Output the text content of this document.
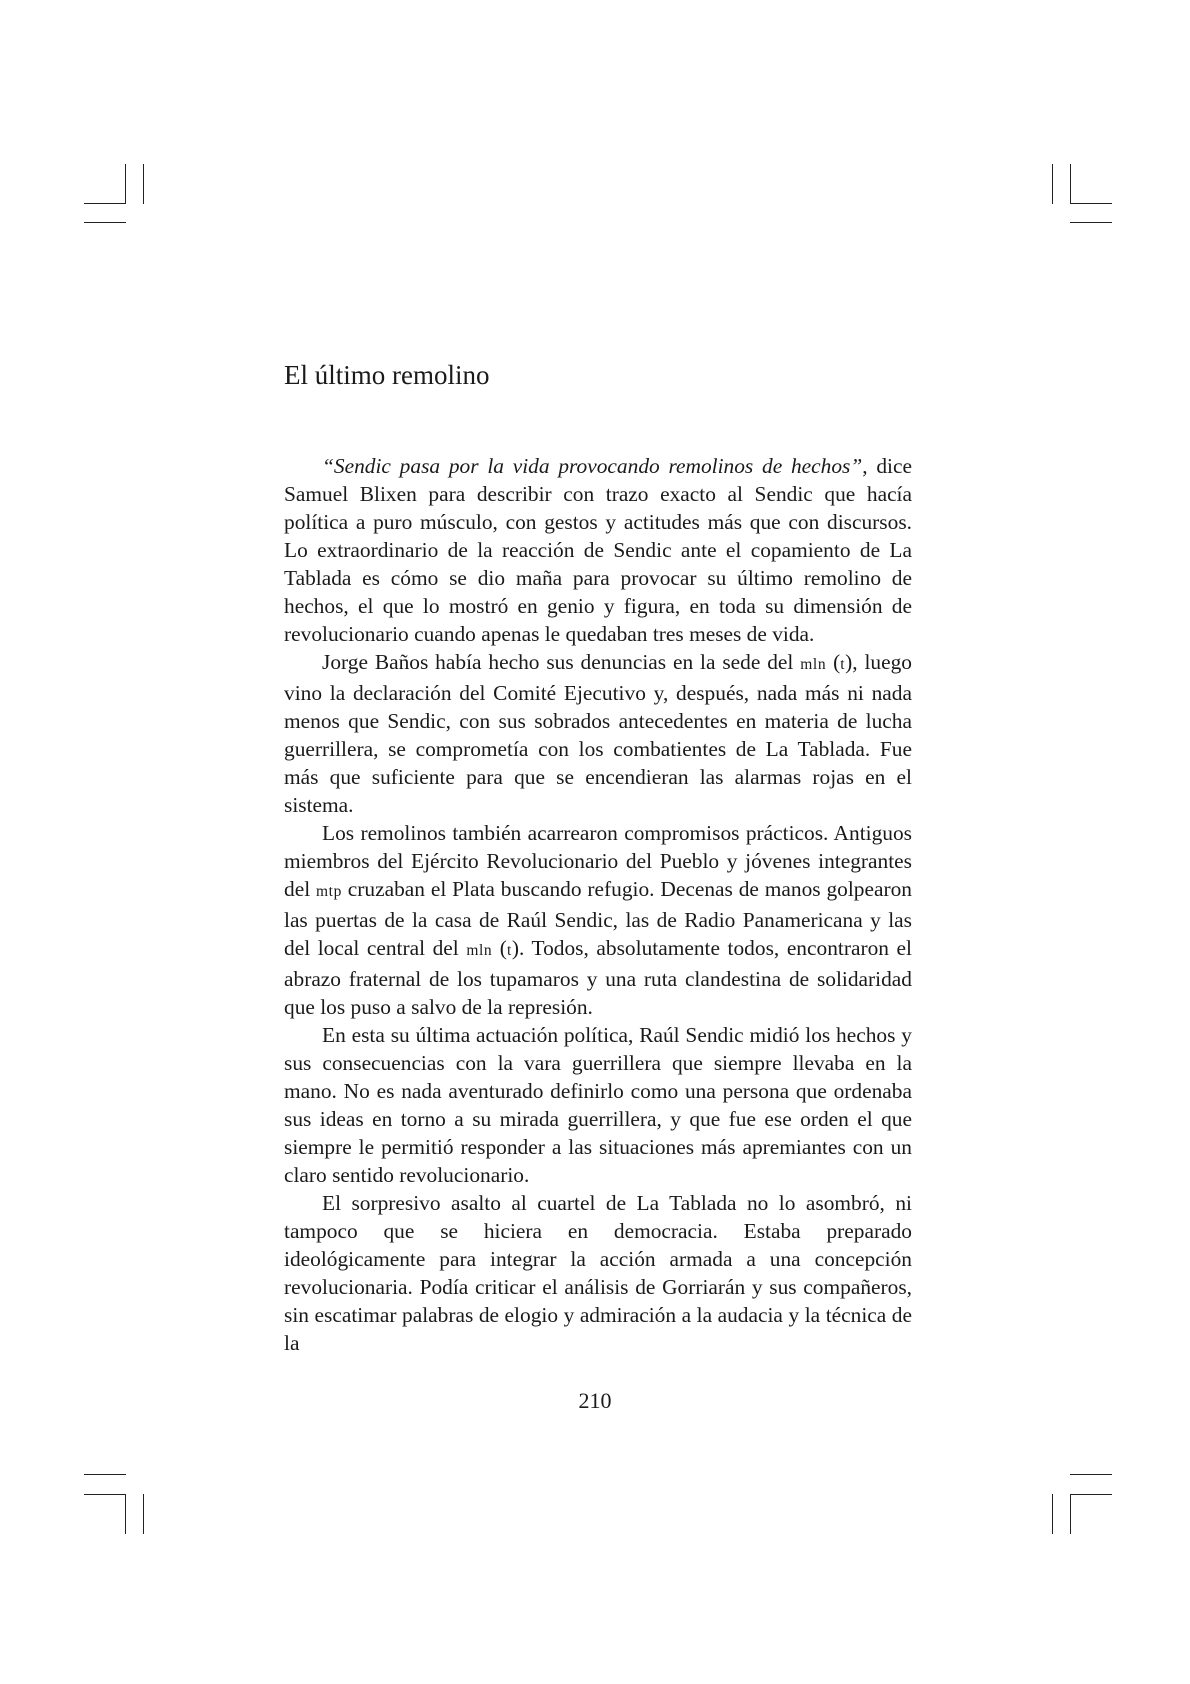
El último remolino

“Sendic pasa por la vida provocando remolinos de hechos”, dice Samuel Blixen para describir con trazo exacto al Sendic que hacía política a puro músculo, con gestos y actitudes más que con discursos. Lo extraordinario de la reacción de Sendic ante el copamiento de La Tablada es cómo se dio maña para provocar su último remolino de hechos, el que lo mostró en genio y figura, en toda su dimensión de revolucionario cuando apenas le quedaban tres meses de vida.

Jorge Baños había hecho sus denuncias en la sede del mln (t), luego vino la declaración del Comité Ejecutivo y, después, nada más ni nada menos que Sendic, con sus sobrados antecedentes en materia de lucha guerrillera, se comprometía con los combatientes de La Tablada. Fue más que suficiente para que se encendieran las alarmas rojas en el sistema.

Los remolinos también acarrearon compromisos prácticos. Antiguos miembros del Ejército Revolucionario del Pueblo y jóvenes integrantes del mtp cruzaban el Plata buscando refugio. Decenas de manos golpearon las puertas de la casa de Raúl Sendic, las de Radio Panamericana y las del local central del mln (t). Todos, absolutamente todos, encontraron el abrazo fraternal de los tupamaros y una ruta clandestina de solidaridad que los puso a salvo de la represión.

En esta su última actuación política, Raúl Sendic midió los hechos y sus consecuencias con la vara guerrillera que siempre llevaba en la mano. No es nada aventurado definirlo como una persona que ordenaba sus ideas en torno a su mirada guerrillera, y que fue ese orden el que siempre le permitió responder a las situaciones más apremiantes con un claro sentido revolucionario.

El sorpresivo asalto al cuartel de La Tablada no lo asombró, ni tampoco que se hiciera en democracia. Estaba preparado ideológicamente para integrar la acción armada a una concepción revolucionaria. Podía criticar el análisis de Gorriarán y sus compañeros, sin escatimar palabras de elogio y admiración a la audacia y la técnica de la

210
